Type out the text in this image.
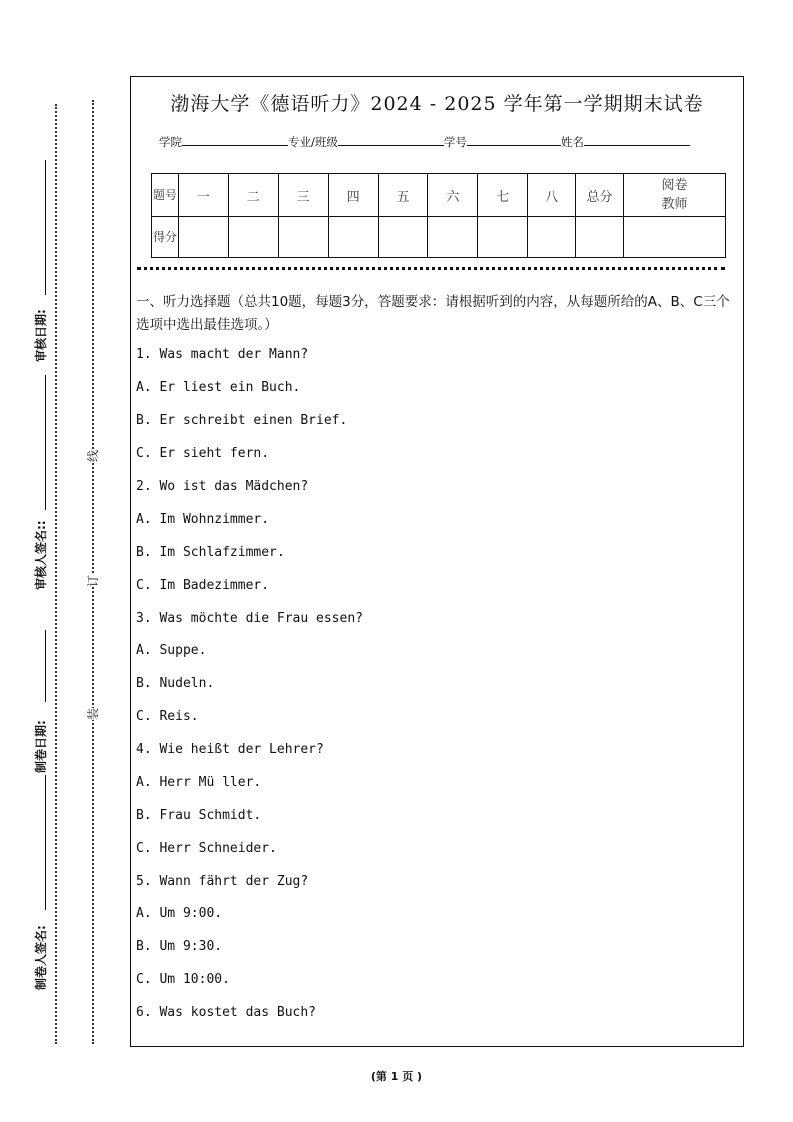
审核日期:
审核人签名::
制卷日期:
制卷人签名:
线
订
装
渤海大学《德语听力》2024 - 2025 学年第一学期期末试卷
学院	专业/班级	学号	姓名
题号	一	二	三	四	五	六	七	八	总分	阅卷教师
得分										
一、听力选择题（总共10题，每题3分，答题要求：请根据听到的内容，从每题所给的A、B、C三个选项中选出最佳选项。）
1. Was macht der Mann?
A. Er liest ein Buch.
B. Er schreibt einen Brief.
C. Er sieht fern.
2. Wo ist das Mädchen?
A. Im Wohnzimmer.
B. Im Schlafzimmer.
C. Im Badezimmer.
3. Was möchte die Frau essen?
A. Suppe.
B. Nudeln.
C. Reis.
4. Wie heißt der Lehrer?
A. Herr Mü ller.
B. Frau Schmidt.
C. Herr Schneider.
5. Wann fährt der Zug?
A. Um 9:00.
B. Um 9:30.
C. Um 10:00.
6. Was kostet das Buch?
(第 1 页 )
